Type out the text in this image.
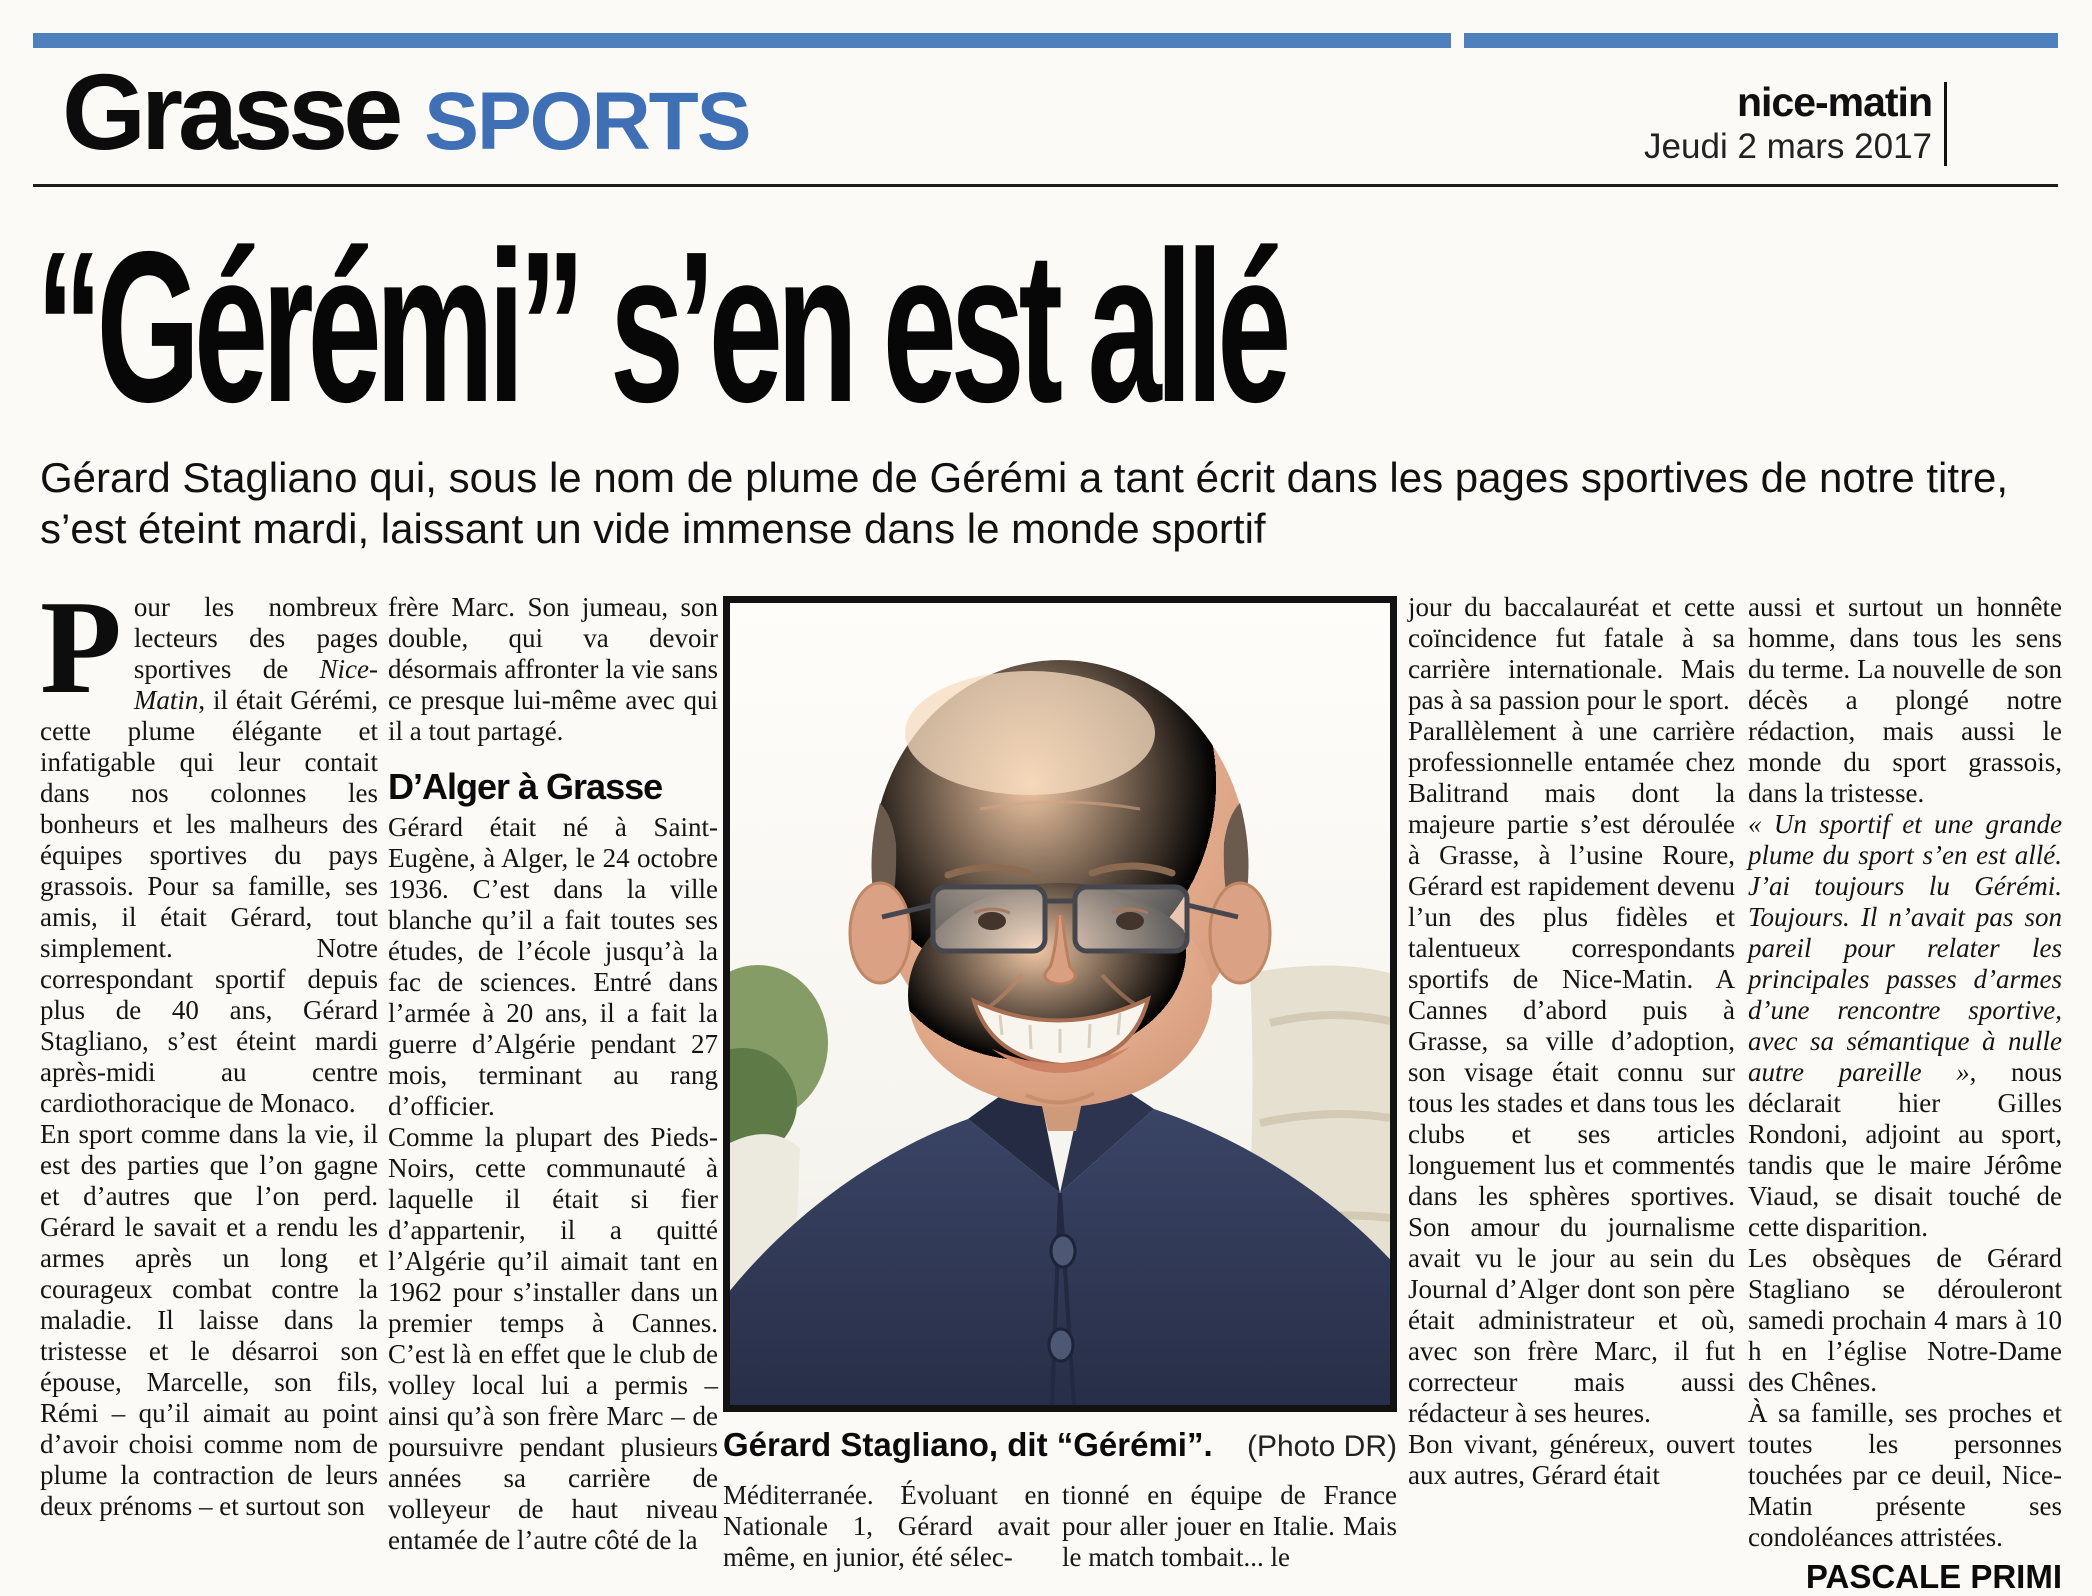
Grasse SPORTS	nice-matin
Jeudi 2 mars 2017
“Gérémi” s’en est allé
Gérard Stagliano qui, sous le nom de plume de Gérémi a tant écrit dans les pages sportives de notre titre, s’est éteint mardi, laissant un vide immense dans le monde sportif

Pour les nombreux lecteurs des pages sportives de Nice-Matin, il était Gérémi, cette plume élégante et infatigable qui leur contait dans nos colonnes les bonheurs et les malheurs des équipes sportives du pays grassois. Pour sa famille, ses amis, il était Gérard, tout simplement. Notre correspondant sportif depuis plus de 40 ans, Gérard Stagliano, s’est éteint mardi après-midi au centre cardiothoracique de Monaco.

En sport comme dans la vie, il est des parties que l’on gagne et d’autres que l’on perd. Gérard le savait et a rendu les armes après un long et courageux combat contre la maladie. Il laisse dans la tristesse et le désarroi son épouse, Marcelle, son fils, Rémi – qu’il aimait au point d’avoir choisi comme nom de plume la contraction de leurs deux prénoms – et surtout son

frère Marc. Son jumeau, son double, qui va devoir désormais affronter la vie sans ce presque lui-même avec qui il a tout partagé.

D’Alger à Grasse

Gérard était né à Saint-Eugène, à Alger, le 24 octobre 1936. C’est dans la ville blanche qu’il a fait toutes ses études, de l’école jusqu’à la fac de sciences. Entré dans l’armée à 20 ans, il a fait la guerre d’Algérie pendant 27 mois, terminant au rang d’officier.

Comme la plupart des Pieds-Noirs, cette communauté à laquelle il était si fier d’appartenir, il a quitté l’Algérie qu’il aimait tant en 1962 pour s’installer dans un premier temps à Cannes. C’est là en effet que le club de volley local lui a permis – ainsi qu’à son frère Marc – de poursuivre pendant plusieurs années sa carrière de volleyeur de haut niveau entamée de l’autre côté de la

Gérard Stagliano, dit “Gérémi”. (Photo DR)
Méditerranée. Évoluant en Nationale 1, Gérard avait même, en junior, été sélec-
tionné en équipe de France pour aller jouer en Italie. Mais le match tombait... le

jour du baccalauréat et cette coïncidence fut fatale à sa carrière internationale. Mais pas à sa passion pour le sport.

Parallèlement à une carrière professionnelle entamée chez Balitrand mais dont la majeure partie s’est déroulée à Grasse, à l’usine Roure, Gérard est rapidement devenu l’un des plus fidèles et talentueux correspondants sportifs de Nice-Matin. A Cannes d’abord puis à Grasse, sa ville d’adoption, son visage était connu sur tous les stades et dans tous les clubs et ses articles longuement lus et commentés dans les sphères sportives. Son amour du journalisme avait vu le jour au sein du Journal d’Alger dont son père était administrateur et où, avec son frère Marc, il fut correcteur mais aussi rédacteur à ses heures.

Bon vivant, généreux, ouvert aux autres, Gérard était

aussi et surtout un honnête homme, dans tous les sens du terme. La nouvelle de son décès a plongé notre rédaction, mais aussi le monde du sport grassois, dans la tristesse.

« Un sportif et une grande plume du sport s’en est allé. J’ai toujours lu Gérémi. Toujours. Il n’avait pas son pareil pour relater les principales passes d’armes d’une rencontre sportive, avec sa sémantique à nulle autre pareille », nous déclarait hier Gilles Rondoni, adjoint au sport, tandis que le maire Jérôme Viaud, se disait touché de cette disparition.

Les obsèques de Gérard Stagliano se dérouleront samedi prochain 4 mars à 10 h en l’église Notre-Dame des Chênes.

À sa famille, ses proches et toutes les personnes touchées par ce deuil, Nice-Matin présente ses condoléances attristées.

PASCALE PRIMI
